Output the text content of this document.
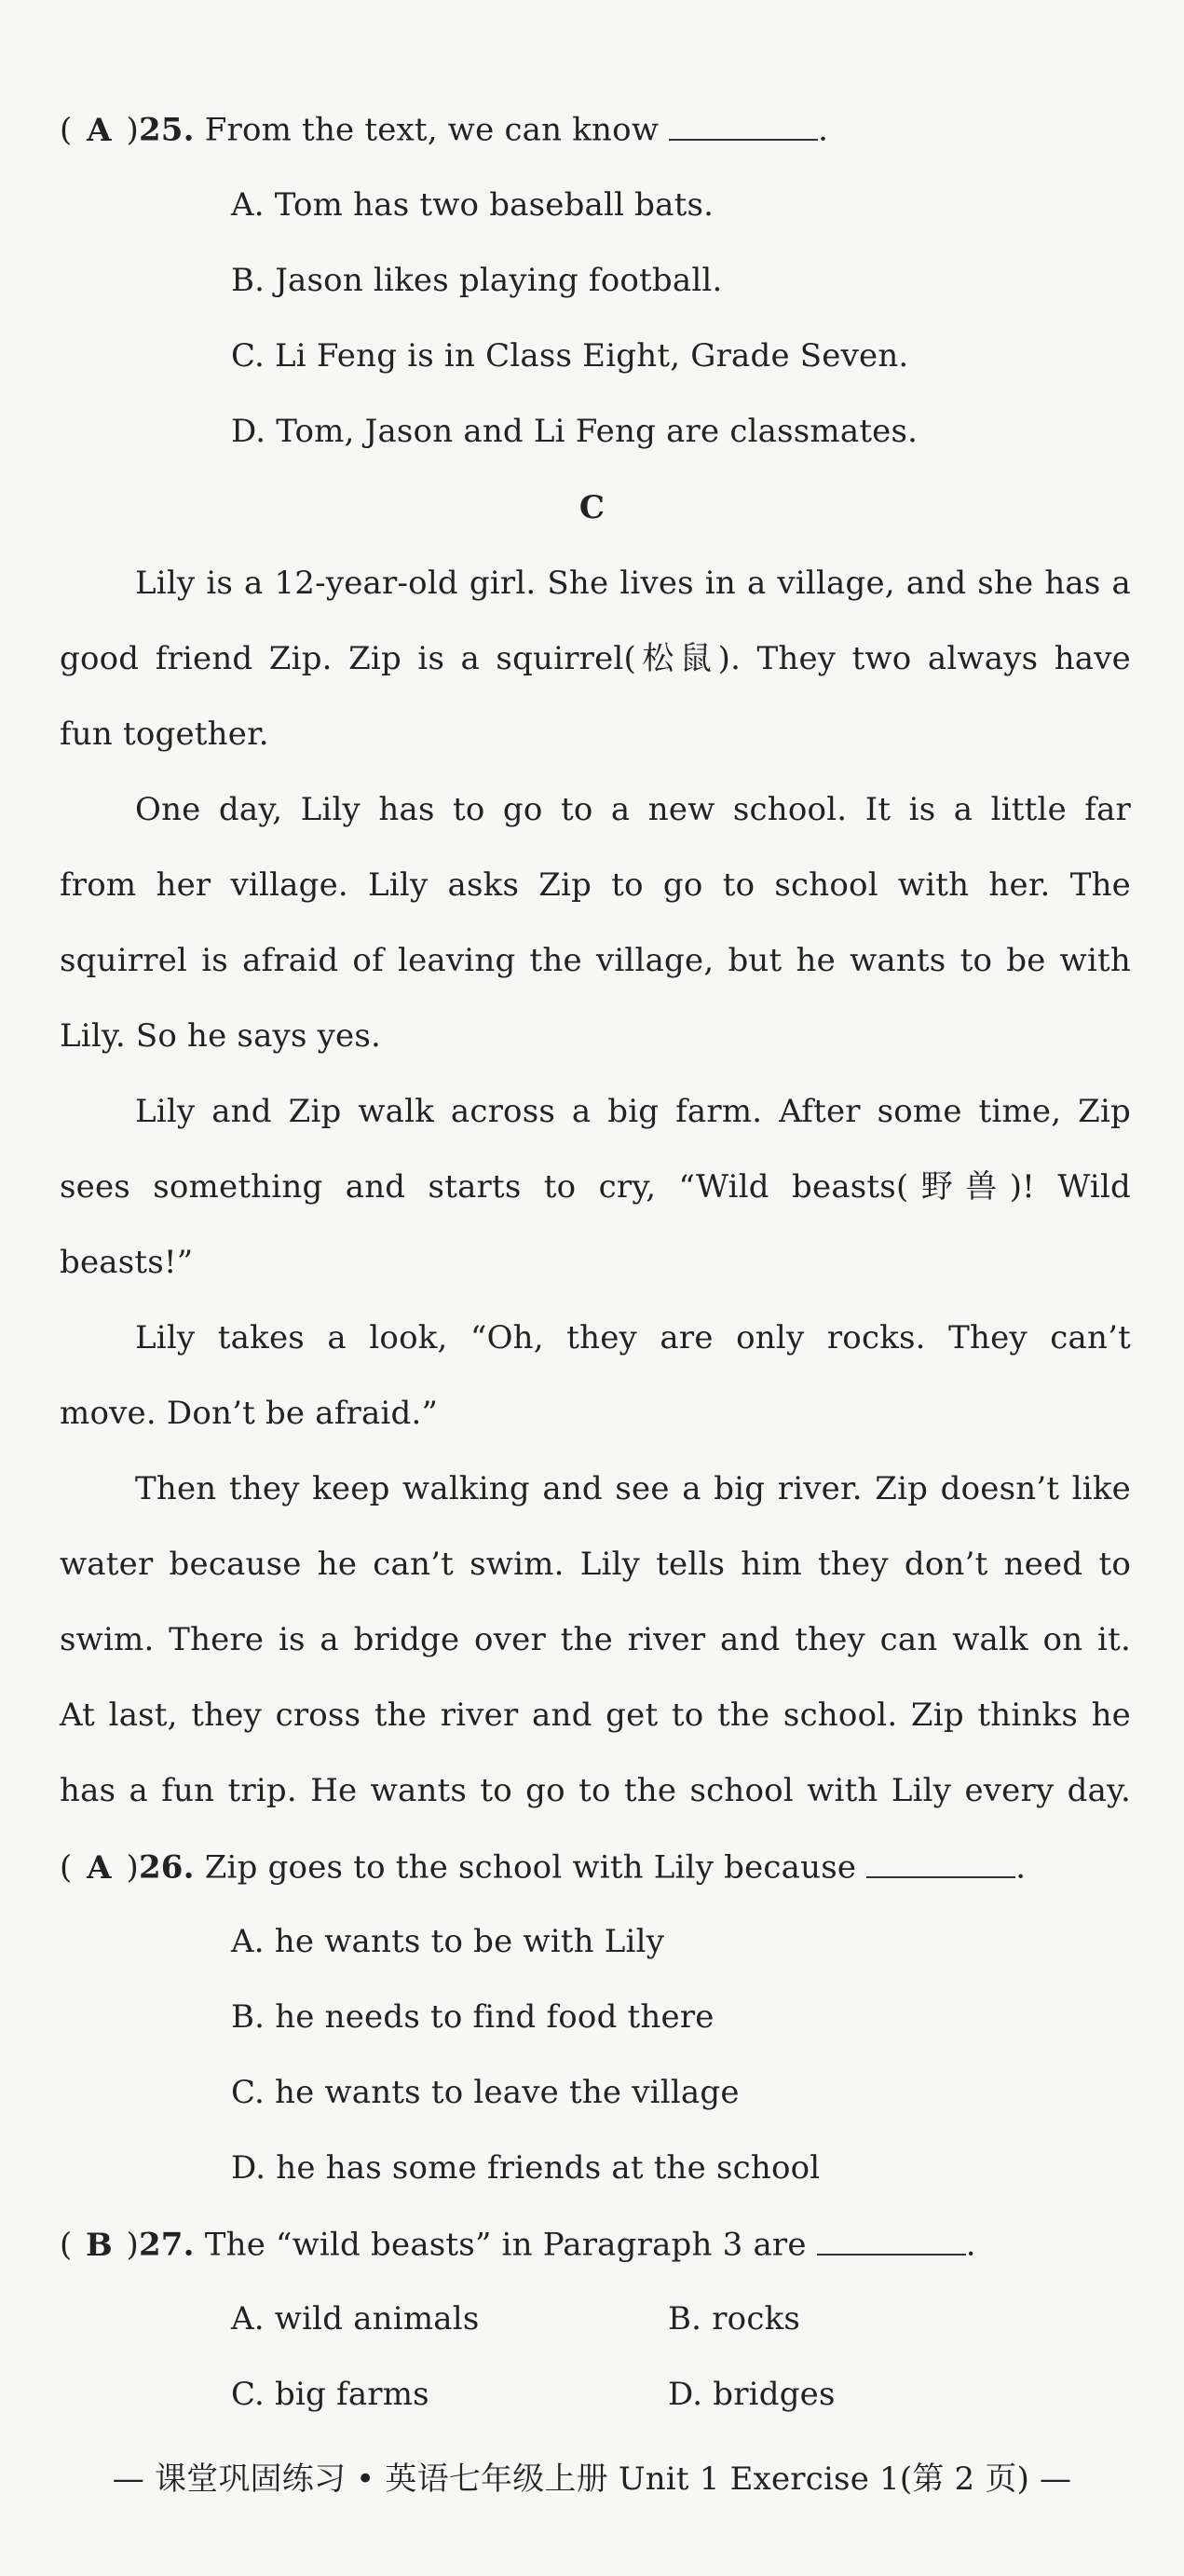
( A )25. From the text, we can know	.
A. Tom has two baseball bats.
B. Jason likes playing football.
C. Li Feng is in Class Eight, Grade Seven.
D. Tom, Jason and Li Feng are classmates.
C
Lily is a 12-year-old girl. She lives in a village, and she has a
good friend Zip. Zip is a squirrel(松鼠). They two always have
fun together.
One day, Lily has to go to a new school. It is a little far
from her village. Lily asks Zip to go to school with her. The
squirrel is afraid of leaving the village, but he wants to be with
Lily. So he says yes.
Lily and Zip walk across a big farm. After some time, Zip
sees something and starts to cry, “Wild beasts(野兽)! Wild
beasts!”
Lily takes a look, “Oh, they are only rocks. They can’t
move. Don’t be afraid.”
Then they keep walking and see a big river. Zip doesn’t like
water because he can’t swim. Lily tells him they don’t need to
swim. There is a bridge over the river and they can walk on it.
At last, they cross the river and get to the school. Zip thinks he
has a fun trip. He wants to go to the school with Lily every day.
( A )26. Zip goes to the school with Lily because	.
A. he wants to be with Lily
B. he needs to find food there
C. he wants to leave the village
D. he has some friends at the school
( B )27. The “wild beasts” in Paragraph 3 are	.
A. wild animals	B. rocks
C. big farms	D. bridges
— 课堂巩固练习 • 英语七年级上册 Unit 1 Exercise 1(第 2 页) —
